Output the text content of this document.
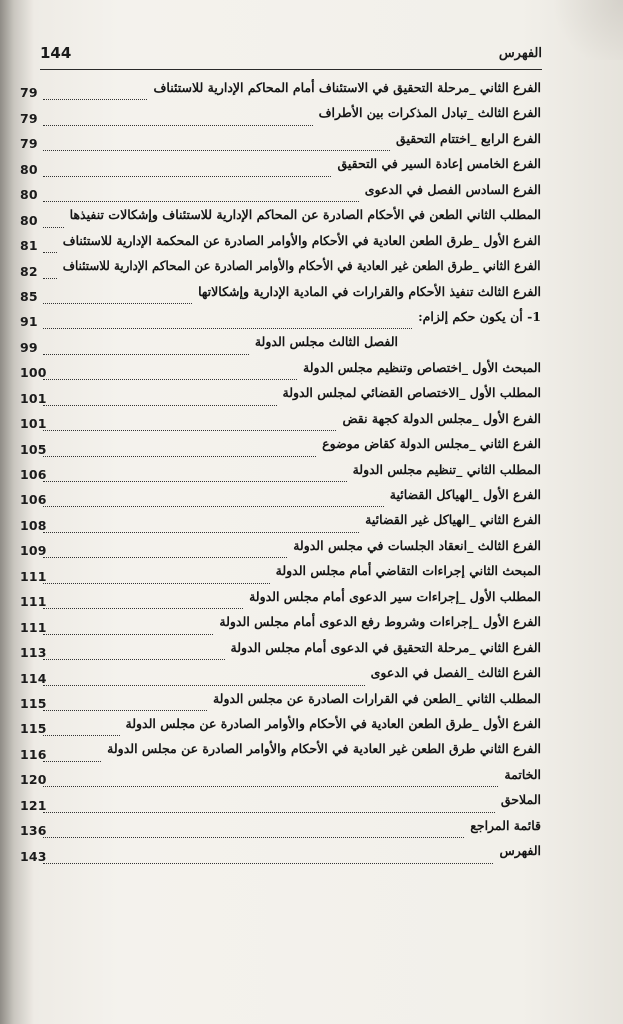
144	الفهرس
79	الفرع الثاني _مرحلة التحقيق في الاستئناف أمام المحاكم الإدارية للاستئناف
79	الفرع الثالث _تبادل المذكرات بين الأطراف
79	الفرع الرابع _اختتام التحقيق
80	الفرع الخامس إعادة السير في التحقيق
80	الفرع السادس الفصل في الدعوى
80	المطلب الثاني الطعن في الأحكام الصادرة عن المحاكم الإدارية للاستئناف وإشكالات تنفيذها
81 الفرع الأول _طرق الطعن العادية في الأحكام والأوامر الصادرة عن المحكمة الإدارية للاستئناف
82 الفرع الثاني _طرق الطعن غير العادية في الأحكام والأوامر الصادرة عن المحاكم الإدارية للاستئناف
85	الفرع الثالث تنفيذ الأحكام والقرارات في المادية الإدارية وإشكالاتها
91	1- أن يكون حكم إلزام:
99	الفصل الثالث مجلس الدولة
100	المبحث الأول _اختصاص وتنظيم مجلس الدولة
101	المطلب الأول _الاختصاص القضائي لمجلس الدولة
101	الفرع الأول _مجلس الدولة كجهة نقض
105	الفرع الثاني _مجلس الدولة كقاض موضوع
106	المطلب الثاني _تنظيم مجلس الدولة
106	الفرع الأول _الهياكل القضائية
108	الفرع الثاني _الهياكل غير القضائية
109	الفرع الثالث _انعقاد الجلسات في مجلس الدولة
111	المبحث الثاني إجراءات التقاضي أمام مجلس الدولة
111	المطلب الأول _إجراءات سير الدعوى أمام مجلس الدولة
111	الفرع الأول _إجراءات وشروط رفع الدعوى أمام مجلس الدولة
113	الفرع الثاني _مرحلة التحقيق في الدعوى أمام مجلس الدولة
114	الفرع الثالث _الفصل في الدعوى
115	المطلب الثاني _الطعن في القرارات الصادرة عن مجلس الدولة
115	الفرع الأول _طرق الطعن العادية في الأحكام والأوامر الصادرة عن مجلس الدولة
116	الفرع الثاني طرق الطعن غير العادية في الأحكام والأوامر الصادرة عن مجلس الدولة
120	الخاتمة
121	الملاحق
136	قائمة المراجع
143	الفهرس
